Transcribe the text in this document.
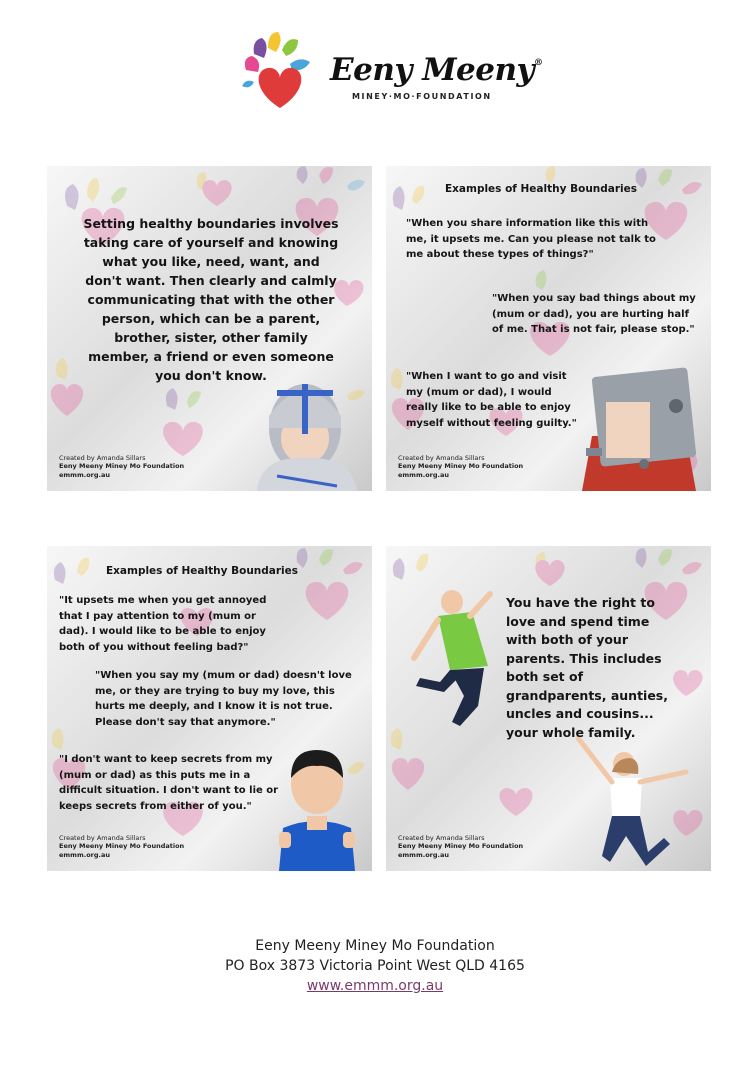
Eeny Meeny®
MINEY·MO·FOUNDATION
Setting healthy boundaries involves taking care of yourself and knowing what you like, need, want, and don't want. Then clearly and calmly communicating that with the other person, which can be a parent, brother, sister, other family member, a friend or even someone you don't know.
Created by Amanda Sillars
Eeny Meeny Miney Mo Foundation
emmm.org.au
Examples of Healthy Boundaries
"When you share information like this with me, it upsets me. Can you please not talk to me about these types of things?"
"When you say bad things about my (mum or dad), you are hurting half of me. That is not fair, please stop."
"When I want to go and visit my (mum or dad), I would really like to be able to enjoy myself without feeling guilty."
Created by Amanda Sillars
Eeny Meeny Miney Mo Foundation
emmm.org.au
Examples of Healthy Boundaries
"It upsets me when you get annoyed that I pay attention to my (mum or dad). I would like to be able to enjoy both of you without feeling bad?"
"When you say my (mum or dad) doesn't love me, or they are trying to buy my love, this hurts me deeply, and I know it is not true. Please don't say that anymore."
"I don't want to keep secrets from my (mum or dad) as this puts me in a difficult situation. I don't want to lie or keeps secrets from either of you."
Created by Amanda Sillars
Eeny Meeny Miney Mo Foundation
emmm.org.au
You have the right to love and spend time with both of your parents. This includes both set of grandparents, aunties, uncles and cousins... your whole family.
Created by Amanda Sillars
Eeny Meeny Miney Mo Foundation
emmm.org.au
Eeny Meeny Miney Mo Foundation
PO Box 3873 Victoria Point West QLD 4165
www.emmm.org.au
